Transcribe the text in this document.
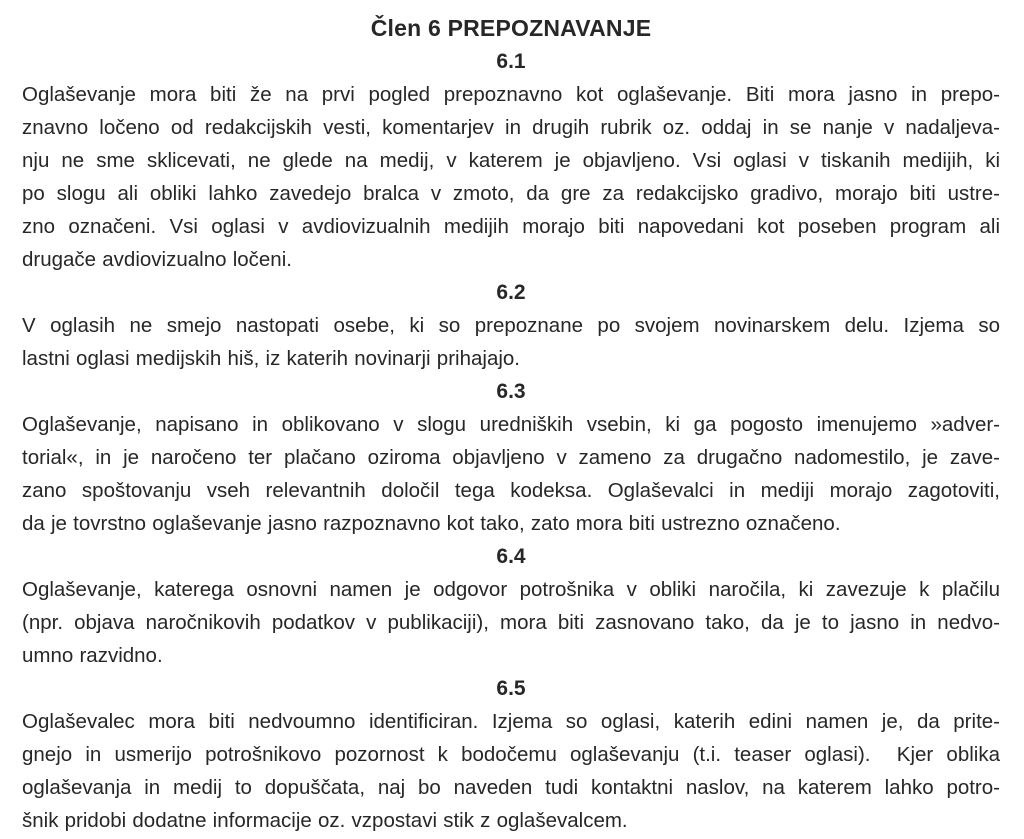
Člen 6 PREPOZNAVANJE
6.1

Oglaševanje mora biti že na prvi pogled prepoznavno kot oglaševanje. Biti mora jasno in prepo-

znavno ločeno od redakcijskih vesti, komentarjev in drugih rubrik oz. oddaj in se nanje v nadaljeva-

nju ne sme sklicevati, ne glede na medij, v katerem je objavljeno. Vsi oglasi v tiskanih medijih, ki

po slogu ali obliki lahko zavedejo bralca v zmoto, da gre za redakcijsko gradivo, morajo biti ustre-

zno označeni. Vsi oglasi v avdiovizualnih medijih morajo biti napovedani kot poseben program ali

drugače avdiovizualno ločeni.

6.2

V oglasih ne smejo nastopati osebe, ki so prepoznane po svojem novinarskem delu. Izjema so

lastni oglasi medijskih hiš, iz katerih novinarji prihajajo.

6.3

Oglaševanje, napisano in oblikovano v slogu uredniških vsebin, ki ga pogosto imenujemo »adver-

torial«, in je naročeno ter plačano oziroma objavljeno v zameno za drugačno nadomestilo, je zave-

zano spoštovanju vseh relevantnih določil tega kodeksa. Oglaševalci in mediji morajo zagotoviti,

da je tovrstno oglaševanje jasno razpoznavno kot tako, zato mora biti ustrezno označeno.

6.4

Oglaševanje, katerega osnovni namen je odgovor potrošnika v obliki naročila, ki zavezuje k plačilu

(npr. objava naročnikovih podatkov v publikaciji), mora biti zasnovano tako, da je to jasno in nedvo-

umno razvidno.

6.5

Oglaševalec mora biti nedvoumno identificiran. Izjema so oglasi, katerih edini namen je, da prite-

gnejo in usmerijo potrošnikovo pozornost k bodočemu oglaševanju (t.i. teaser oglasi).  Kjer oblika

oglaševanja in medij to dopuščata, naj bo naveden tudi kontaktni naslov, na katerem lahko potro-

šnik pridobi dodatne informacije oz. vzpostavi stik z oglaševalcem.
